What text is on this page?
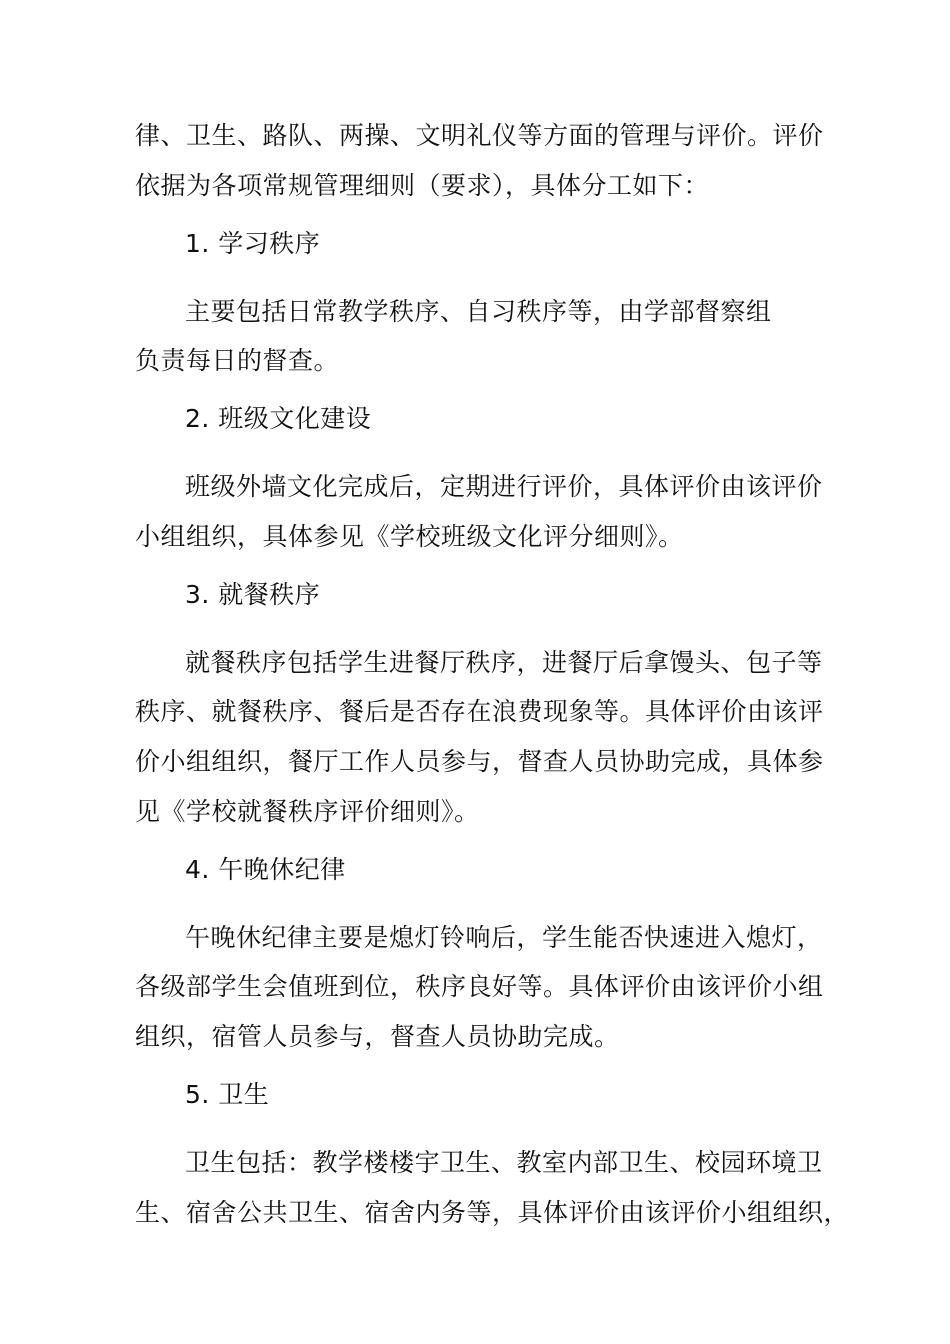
律、卫生、路队、两操、文明礼仪等方面的管理与评价。评价
依据为各项常规管理细则（要求），具体分工如下：
1. 学习秩序
主要包括日常教学秩序、自习秩序等，由学部督察组
负责每日的督查。
2. 班级文化建设
班级外墙文化完成后，定期进行评价，具体评价由该评价
小组组织，具体参见《学校班级文化评分细则》。
3. 就餐秩序
就餐秩序包括学生进餐厅秩序，进餐厅后拿馒头、包子等
秩序、就餐秩序、餐后是否存在浪费现象等。具体评价由该评
价小组组织，餐厅工作人员参与，督查人员协助完成，具体参
见《学校就餐秩序评价细则》。
4. 午晚休纪律
午晚休纪律主要是熄灯铃响后，学生能否快速进入熄灯，
各级部学生会值班到位，秩序良好等。具体评价由该评价小组
组织，宿管人员参与，督查人员协助完成。
5. 卫生
卫生包括：教学楼楼宇卫生、教室内部卫生、校园环境卫
生、宿舍公共卫生、宿舍内务等，具体评价由该评价小组组织，
